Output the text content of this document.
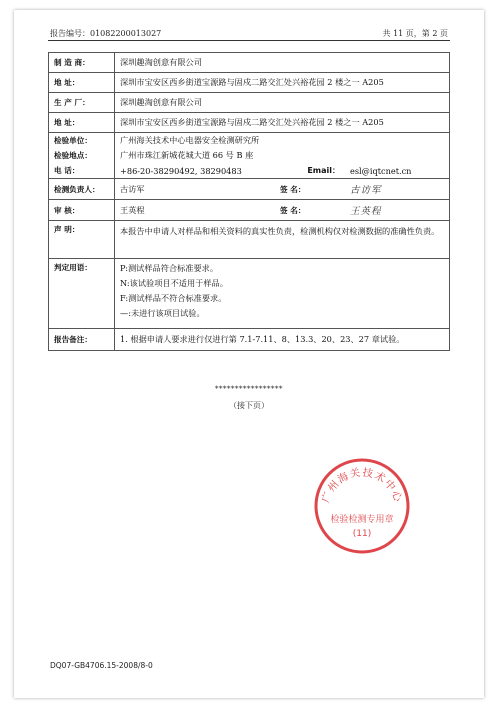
报告编号：01082200013027	共 11 页，第 2 页
制 造 商：	深圳趣淘创意有限公司		
地 址：	深圳市宝安区西乡街道宝源路与固戍二路交汇处兴裕花园 2 楼之一 A205		
生 产 厂：	深圳趣淘创意有限公司		
地 址：	深圳市宝安区西乡街道宝源路与固戍二路交汇处兴裕花园 2 楼之一 A205		
检验单位：	广州海关技术中心电器安全检测研究所		
检验地点：	广州市珠江新城花城大道 66 号 B 座		
电 话：	+86-20-38290492, 38290483	Email：	esl@iqtcnet.cn
检测负责人：	古访军	签 名：	古访军
审 核：	王英程	签 名：	王英程
声 明：	本报告中申请人对样品和相关资料的真实性负责，检测机构仅对检测数据的准确性负责。		
判定用语：	P:测试样品符合标准要求。
N:该试验项目不适用于样品。
F:测试样品不符合标准要求。
—:未进行该项目试验。		

报告备注：	1. 根据申请人要求进行仅进行第 7.1-7.11、8、13.3、20、23、27 章试验。		
*****************
（接下页）
广州海关技术中心
检验检测专用章
(11)
DQ07-GB4706.15-2008/8-0
